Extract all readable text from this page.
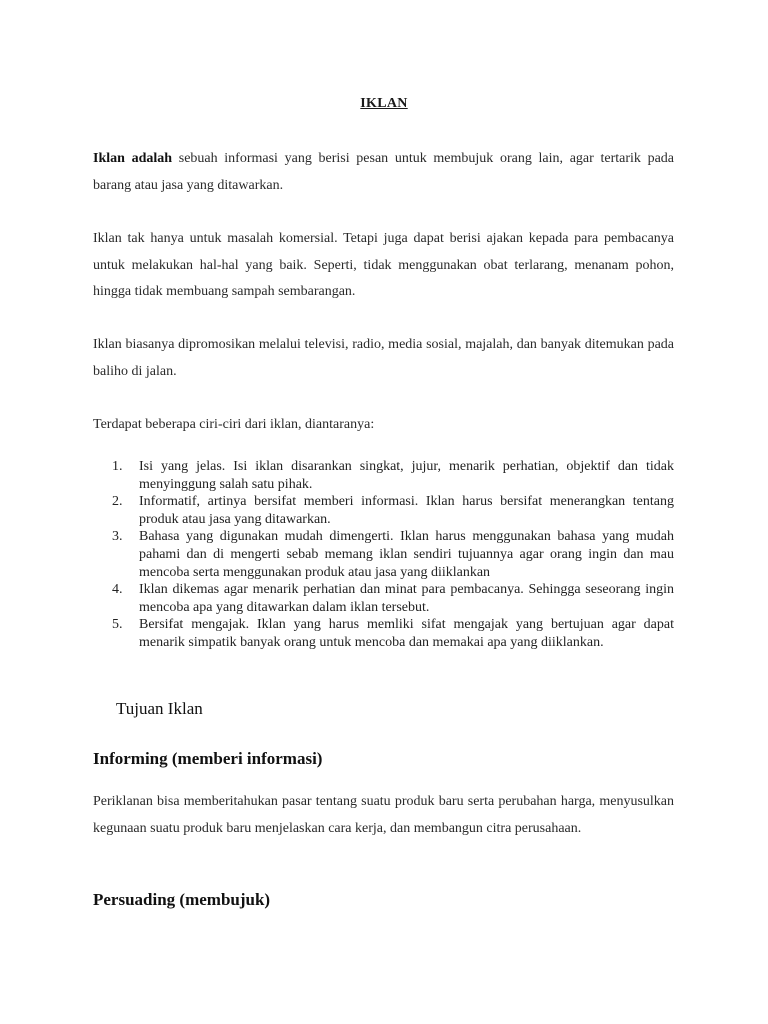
IKLAN
Iklan adalah sebuah informasi yang berisi pesan untuk membujuk orang lain, agar tertarik pada barang atau jasa yang ditawarkan.
Iklan tak hanya untuk masalah komersial. Tetapi juga dapat berisi ajakan kepada para pembacanya untuk melakukan hal-hal yang baik. Seperti, tidak menggunakan obat terlarang, menanam pohon, hingga tidak membuang sampah sembarangan.
Iklan biasanya dipromosikan melalui televisi, radio, media sosial, majalah, dan banyak ditemukan pada baliho di jalan.
Terdapat beberapa ciri-ciri dari iklan, diantaranya:
1. Isi yang jelas. Isi iklan disarankan singkat, jujur, menarik perhatian, objektif dan tidak menyinggung salah satu pihak.
2. Informatif, artinya bersifat memberi informasi. Iklan harus bersifat menerangkan tentang produk atau jasa yang ditawarkan.
3. Bahasa yang digunakan mudah dimengerti. Iklan harus menggunakan bahasa yang mudah pahami dan di mengerti sebab memang iklan sendiri tujuannya agar orang ingin dan mau mencoba serta menggunakan produk atau jasa yang diiklankan
4. Iklan dikemas agar menarik perhatian dan minat para pembacanya. Sehingga seseorang ingin mencoba apa yang ditawarkan dalam iklan tersebut.
5. Bersifat mengajak. Iklan yang harus memliki sifat mengajak yang bertujuan agar dapat menarik simpatik banyak orang untuk mencoba dan memakai apa yang diiklankan.
Tujuan Iklan
Informing (memberi informasi)
Periklanan bisa memberitahukan pasar tentang suatu produk baru serta perubahan harga, menyusulkan kegunaan suatu produk baru menjelaskan cara kerja, dan membangun citra perusahaan.
Persuading (membujuk)
